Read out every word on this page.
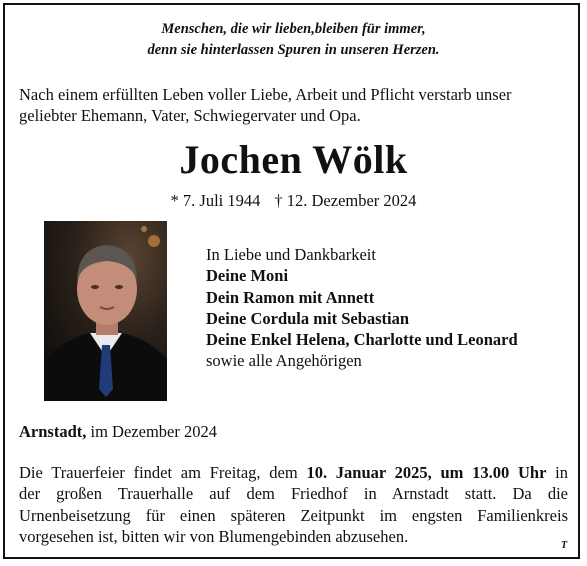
Menschen, die wir lieben,bleiben für immer,
denn sie hinterlassen Spuren in unseren Herzen.
Nach einem erfüllten Leben voller Liebe, Arbeit und Pflicht verstarb unser
geliebter Ehemann, Vater, Schwiegervater und Opa.
Jochen Wölk
* 7. Juli 1944 † 12. Dezember 2024
In Liebe und Dankbarkeit
Deine Moni
Dein Ramon mit Annett
Deine Cordula mit Sebastian
Deine Enkel Helena, Charlotte und Leonard
sowie alle Angehörigen
Arnstadt, im Dezember 2024
Die Trauerfeier findet am Freitag, dem 10. Januar 2025, um 13.00 Uhr in
der großen Trauerhalle auf dem Friedhof in Arnstadt statt. Da die
Urnenbeisetzung für einen späteren Zeitpunkt im engsten Familienkreis
vorgesehen ist, bitten wir von Blumengebinden abzusehen.	T
